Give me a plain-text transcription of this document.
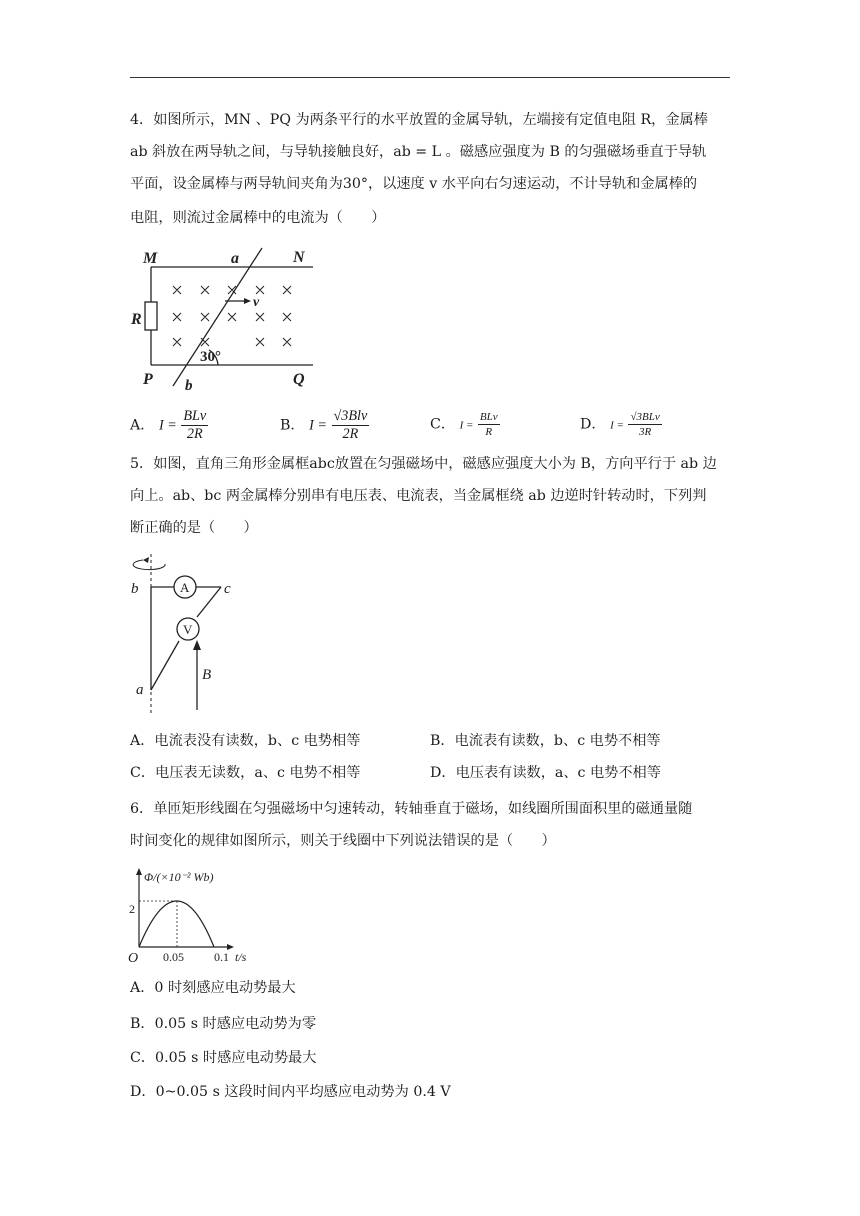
4．如图所示，MN 、PQ 为两条平行的水平放置的金属导轨，左端接有定值电阻 R，金属棒
ab 斜放在两导轨之间，与导轨接触良好，ab = L 。磁感应强度为 B 的匀强磁场垂直于导轨
平面，设金属棒与两导轨间夹角为30°，以速度 v 水平向右匀速运动，不计导轨和金属棒的
电阻，则流过金属棒中的电流为（　　）
M	a	N
R
v
P b	Q
30°
A． $I = \frac{\text{BLv}}{2R}$	B． $I = \frac{\text{√3Blv}}{2R}$	C． $I = \frac{\text{BLv}}{R}$	D． $I = \frac{\text{√3BLv}}{3R}$
5．如图，直角三角形金属框abc放置在匀强磁场中，磁感应强度大小为 B，方向平行于 ab 边
向上。ab、bc 两金属棒分别串有电压表、电流表，当金属框绕 ab 边逆时针转动时，下列判
断正确的是（　　）
b	c
a
B
A
V
A．电流表没有读数，b、c 电势相等	B．电流表有读数，b、c 电势不相等
C．电压表无读数，a、c 电势不相等	D．电压表有读数，a、c 电势不相等
6．单匝矩形线圈在匀强磁场中匀速转动，转轴垂直于磁场，如线圈所围面积里的磁通量随
时间变化的规律如图所示，则关于线圈中下列说法错误的是（　　）
Φ/(×10⁻² Wb)
O	t/s
2
0.05	0.1
A．0 时刻感应电动势最大
B．0.05 s 时感应电动势为零
C．0.05 s 时感应电动势最大
D．0~0.05 s 这段时间内平均感应电动势为 0.4 V
